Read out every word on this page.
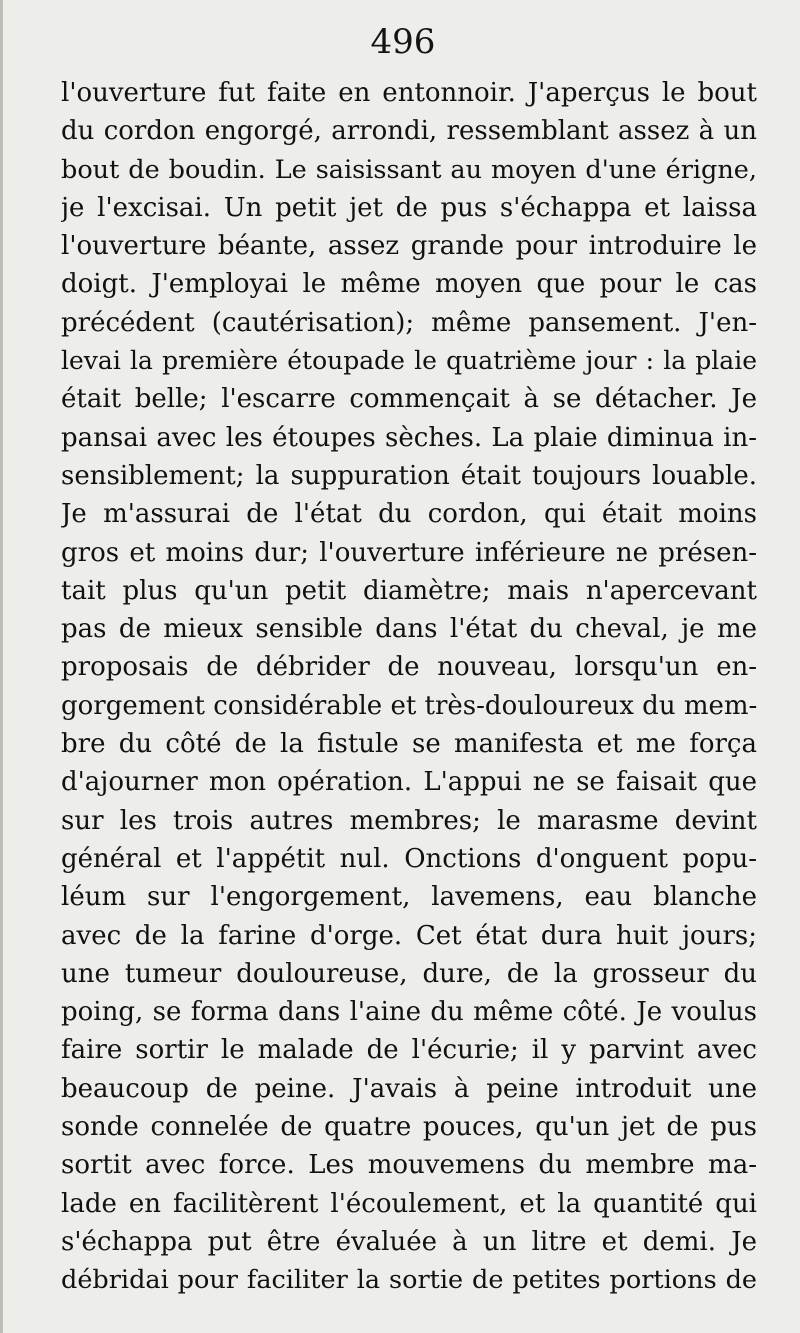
496
l'ouverture fut faite en entonnoir. J'aperçus le bout
du cordon engorgé, arrondi, ressemblant assez à un
bout de boudin. Le saisissant au moyen d'une érigne,
je l'excisai. Un petit jet de pus s'échappa et laissa
l'ouverture béante, assez grande pour introduire le
doigt. J'employai le même moyen que pour le cas
précédent (cautérisation); même pansement. J'en-
levai la première étoupade le quatrième jour : la plaie
était belle; l'escarre commençait à se détacher. Je
pansai avec les étoupes sèches. La plaie diminua in-
sensiblement; la suppuration était toujours louable.
Je m'assurai de l'état du cordon, qui était moins
gros et moins dur; l'ouverture inférieure ne présen-
tait plus qu'un petit diamètre; mais n'apercevant
pas de mieux sensible dans l'état du cheval, je me
proposais de débrider de nouveau, lorsqu'un en-
gorgement considérable et très-douloureux du mem-
bre du côté de la fistule se manifesta et me força
d'ajourner mon opération. L'appui ne se faisait que
sur les trois autres membres; le marasme devint
général et l'appétit nul. Onctions d'onguent popu-
léum sur l'engorgement, lavemens, eau blanche
avec de la farine d'orge. Cet état dura huit jours;
une tumeur douloureuse, dure, de la grosseur du
poing, se forma dans l'aine du même côté. Je voulus
faire sortir le malade de l'écurie; il y parvint avec
beaucoup de peine. J'avais à peine introduit une
sonde connelée de quatre pouces, qu'un jet de pus
sortit avec force. Les mouvemens du membre ma-
lade en facilitèrent l'écoulement, et la quantité qui
s'échappa put être évaluée à un litre et demi. Je
débridai pour faciliter la sortie de petites portions de
